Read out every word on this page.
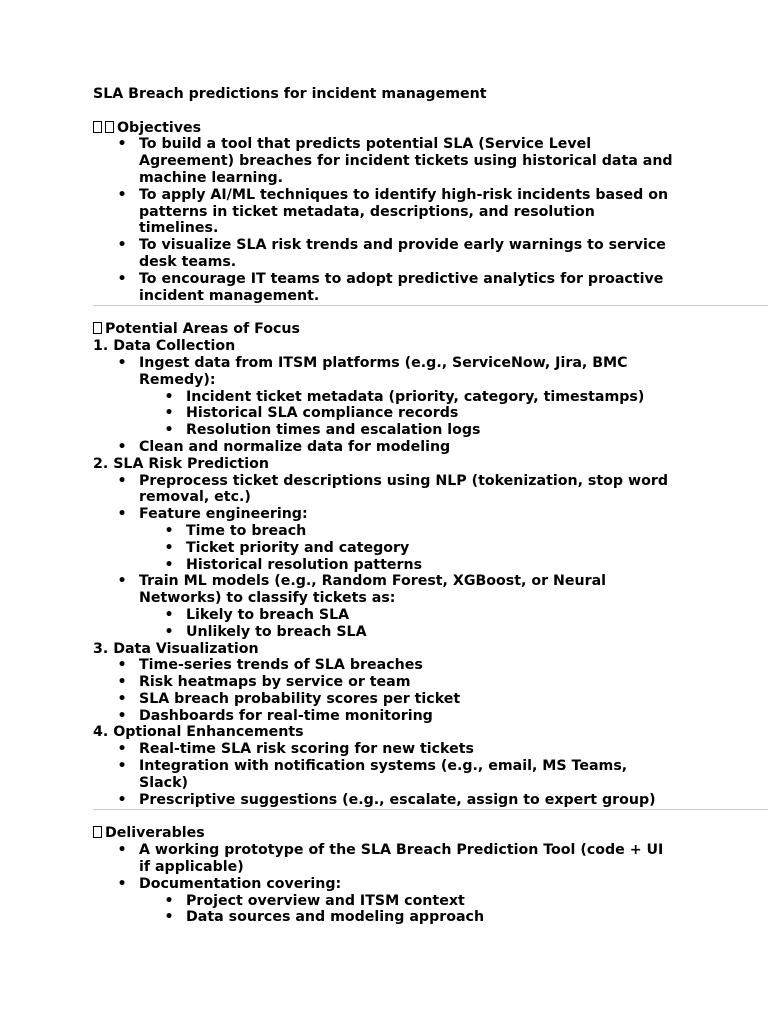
SLA Breach predictions for incident management
Objectives
• To build a tool that predicts potential SLA (Service Level
Agreement) breaches for incident tickets using historical data and
machine learning.
• To apply AI/ML techniques to identify high-risk incidents based on
patterns in ticket metadata, descriptions, and resolution
timelines.
• To visualize SLA risk trends and provide early warnings to service
desk teams.
• To encourage IT teams to adopt predictive analytics for proactive
incident management.
Potential Areas of Focus
1. Data Collection
• Ingest data from ITSM platforms (e.g., ServiceNow, Jira, BMC
Remedy):
• Incident ticket metadata (priority, category, timestamps)
• Historical SLA compliance records
• Resolution times and escalation logs
• Clean and normalize data for modeling
2. SLA Risk Prediction
• Preprocess ticket descriptions using NLP (tokenization, stop word
removal, etc.)
• Feature engineering:
• Time to breach
• Ticket priority and category
• Historical resolution patterns
• Train ML models (e.g., Random Forest, XGBoost, or Neural
Networks) to classify tickets as:
• Likely to breach SLA
• Unlikely to breach SLA
3. Data Visualization
• Time-series trends of SLA breaches
• Risk heatmaps by service or team
• SLA breach probability scores per ticket
• Dashboards for real-time monitoring
4. Optional Enhancements
• Real-time SLA risk scoring for new tickets
• Integration with notification systems (e.g., email, MS Teams,
Slack)
• Prescriptive suggestions (e.g., escalate, assign to expert group)
Deliverables
• A working prototype of the SLA Breach Prediction Tool (code + UI
if applicable)
• Documentation covering:
• Project overview and ITSM context
• Data sources and modeling approach
